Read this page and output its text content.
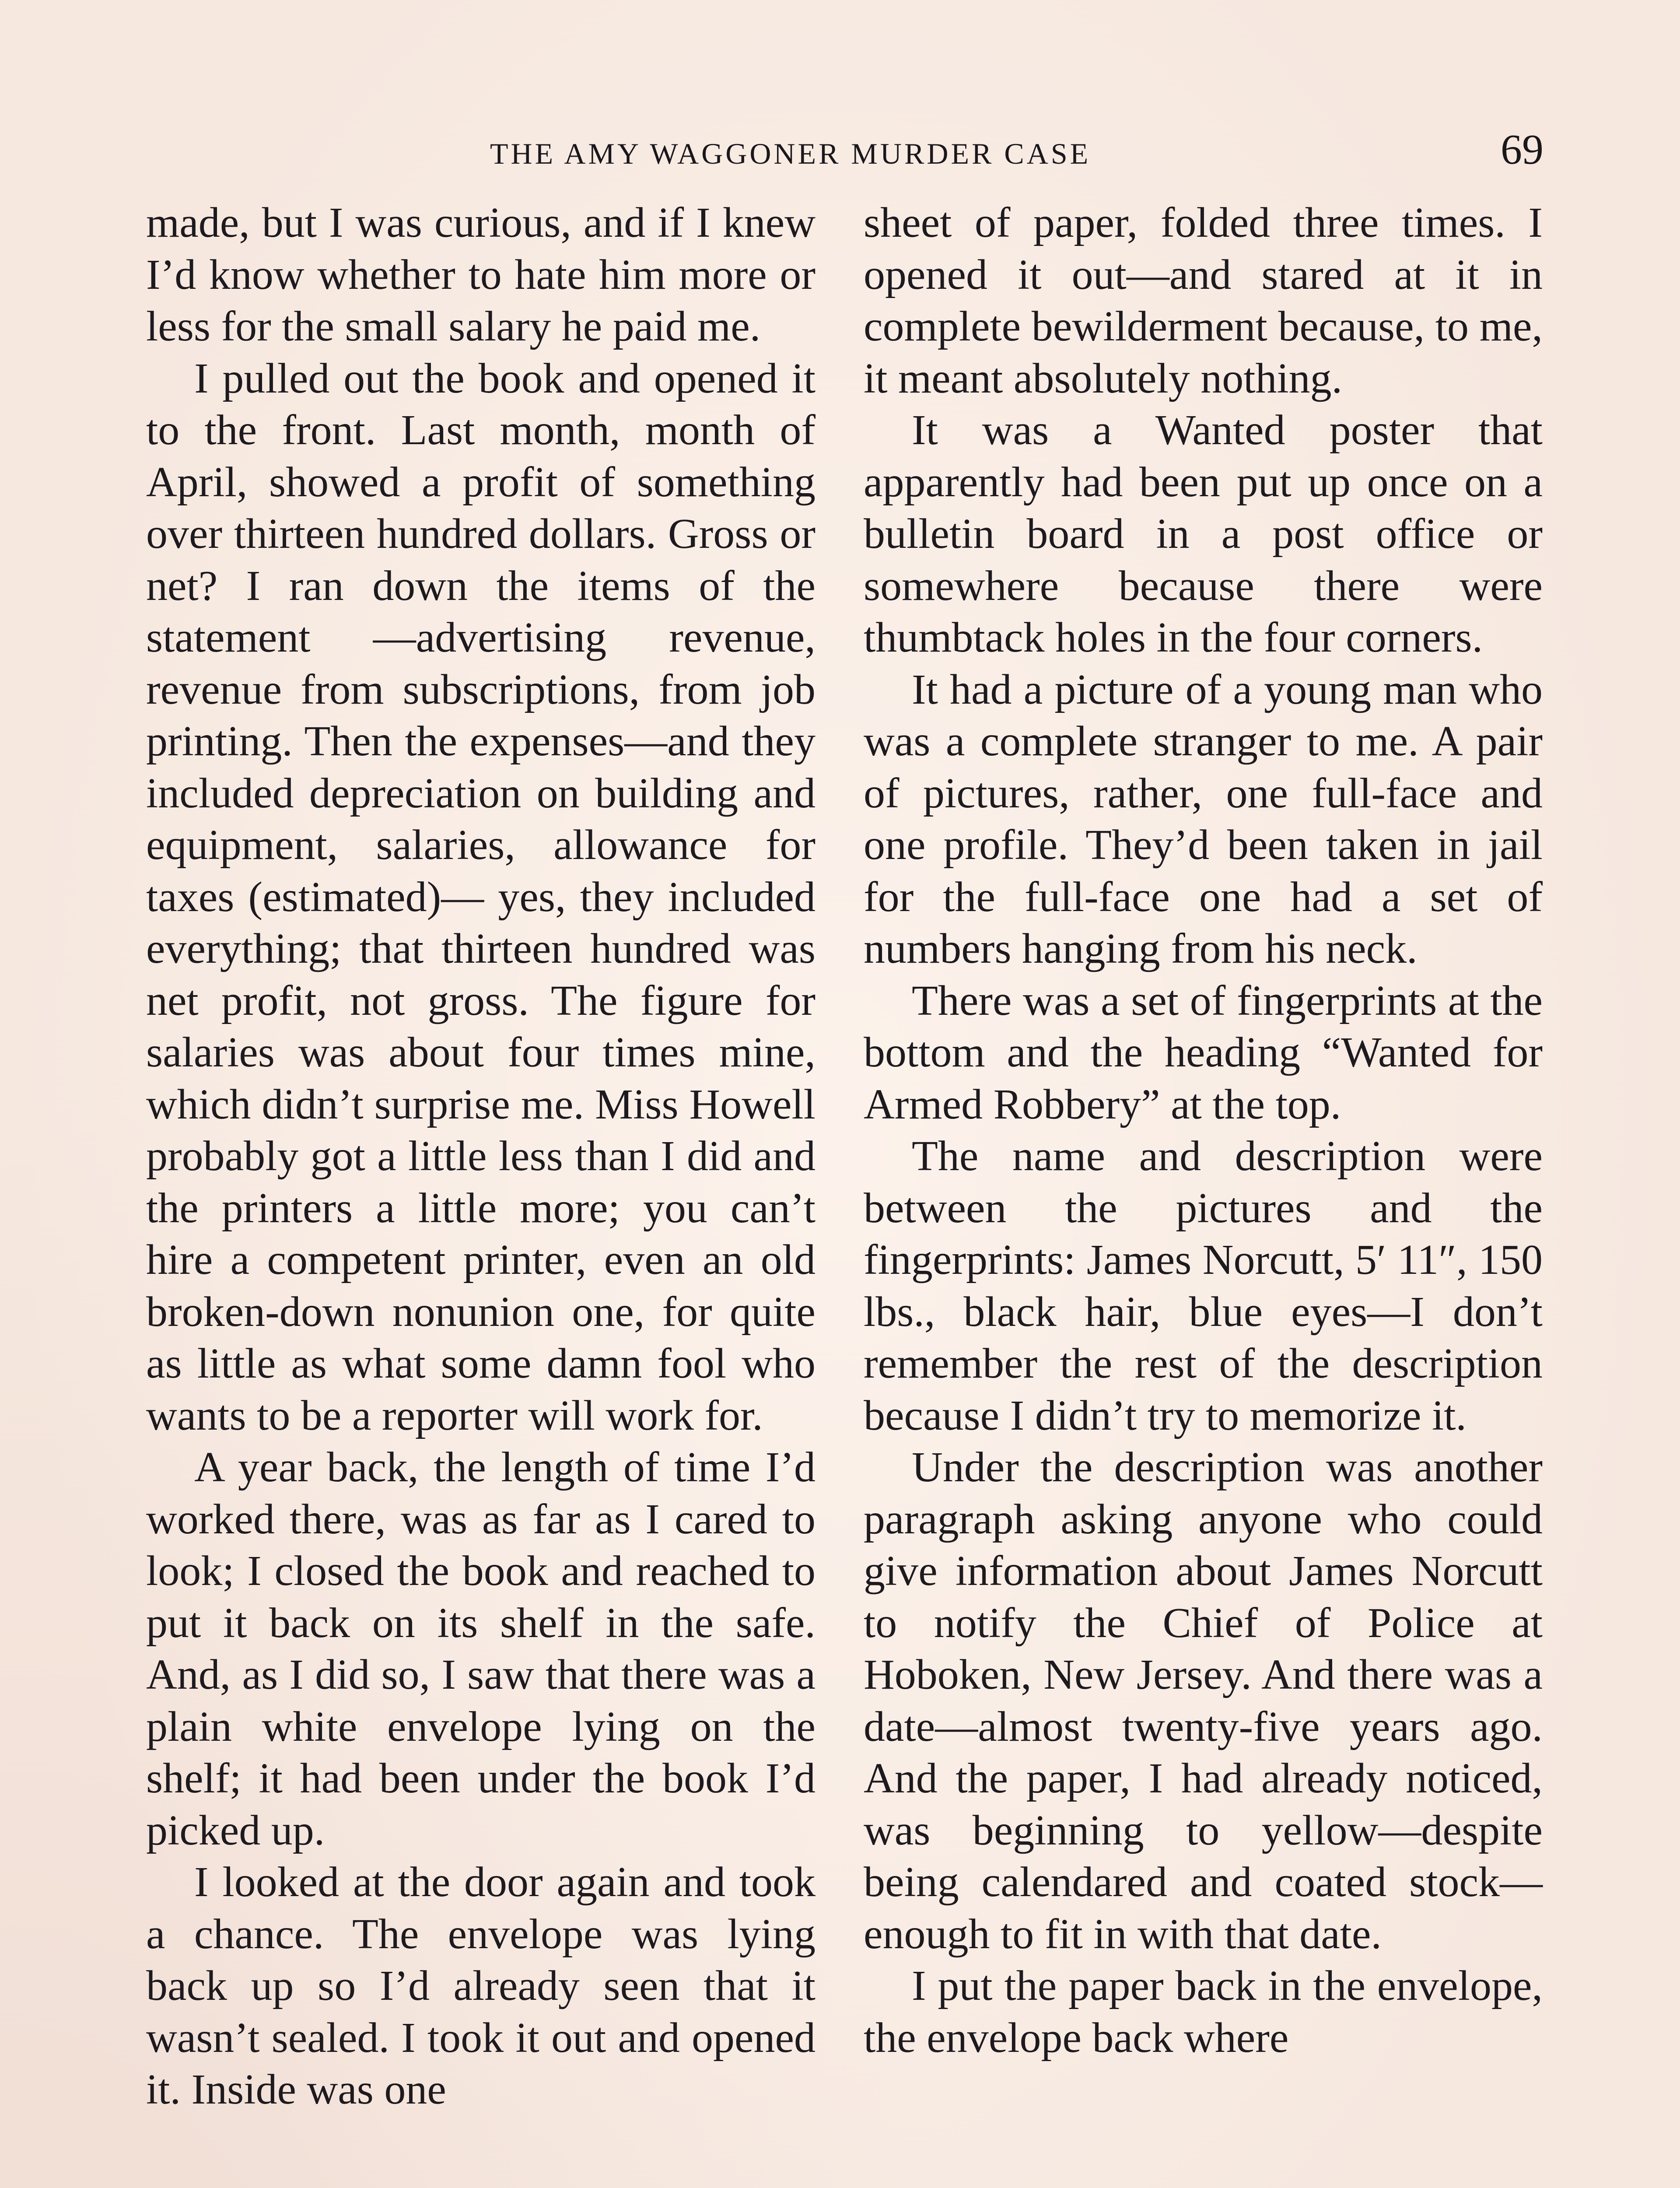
THE AMY WAGGONER MURDER CASE	69

made, but I was curious, and if I knew I’d know whether to hate him more or less for the small salary he paid me.

I pulled out the book and opened it to the front. Last month, month of April, showed a profit of something over thirteen hundred dollars. Gross or net? I ran down the items of the statement —advertising revenue, revenue from subscriptions, from job printing. Then the expenses—and they included depreciation on building and equipment, salaries, allowance for taxes (estimated)— yes, they included everything; that thirteen hundred was net profit, not gross. The figure for salaries was about four times mine, which didn’t surprise me. Miss Howell probably got a little less than I did and the printers a little more; you can’t hire a competent printer, even an old broken-down nonunion one, for quite as little as what some damn fool who wants to be a reporter will work for.

A year back, the length of time I’d worked there, was as far as I cared to look; I closed the book and reached to put it back on its shelf in the safe. And, as I did so, I saw that there was a plain white envelope lying on the shelf; it had been under the book I’d picked up.

I looked at the door again and took a chance. The envelope was lying back up so I’d already seen that it wasn’t sealed. I took it out and opened it. Inside was one

sheet of paper, folded three times. I opened it out—and stared at it in complete bewilderment because, to me, it meant absolutely nothing.

It was a Wanted poster that apparently had been put up once on a bulletin board in a post office or somewhere because there were thumbtack holes in the four corners.

It had a picture of a young man who was a complete stranger to me. A pair of pictures, rather, one full-face and one profile. They’d been taken in jail for the full-face one had a set of numbers hanging from his neck.

There was a set of fingerprints at the bottom and the heading “Wanted for Armed Robbery” at the top.

The name and description were between the pictures and the fingerprints: James Norcutt, 5′ 11″, 150 lbs., black hair, blue eyes—I don’t remember the rest of the description because I didn’t try to memorize it.

Under the description was another paragraph asking anyone who could give information about James Norcutt to notify the Chief of Police at Hoboken, New Jersey. And there was a date—almost twenty-five years ago. And the paper, I had already noticed, was beginning to yellow—despite being calendared and coated stock— enough to fit in with that date.

I put the paper back in the envelope, the envelope back where
